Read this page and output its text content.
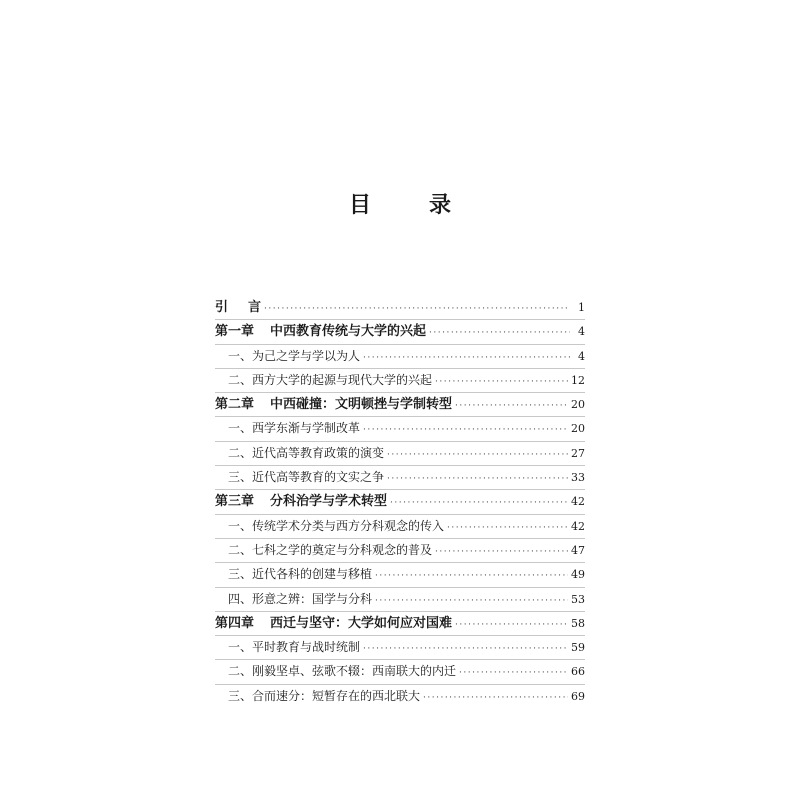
目　录
引 言 ·····	1
第一章 中西教育传统与大学的兴起 ·····	4
一、为己之学与学以为人 ·····	4
二、西方大学的起源与现代大学的兴起 ·····	12
第二章 中西碰撞：文明顿挫与学制转型 ·····	20
一、西学东渐与学制改革 ·····	20
二、近代高等教育政策的演变 ·····	27
三、近代高等教育的文实之争 ·····	33
第三章 分科治学与学术转型 ·····	42
一、传统学术分类与西方分科观念的传入 ·····	42
二、七科之学的奠定与分科观念的普及 ·····	47
三、近代各科的创建与移植 ·····	49
四、形意之辨：国学与分科 ·····	53
第四章 西迁与坚守：大学如何应对国难 ·····	58
一、平时教育与战时统制 ·····	59
二、刚毅坚卓、弦歌不辍：西南联大的内迁 ·····	66
三、合而速分：短暂存在的西北联大 ·····	69
